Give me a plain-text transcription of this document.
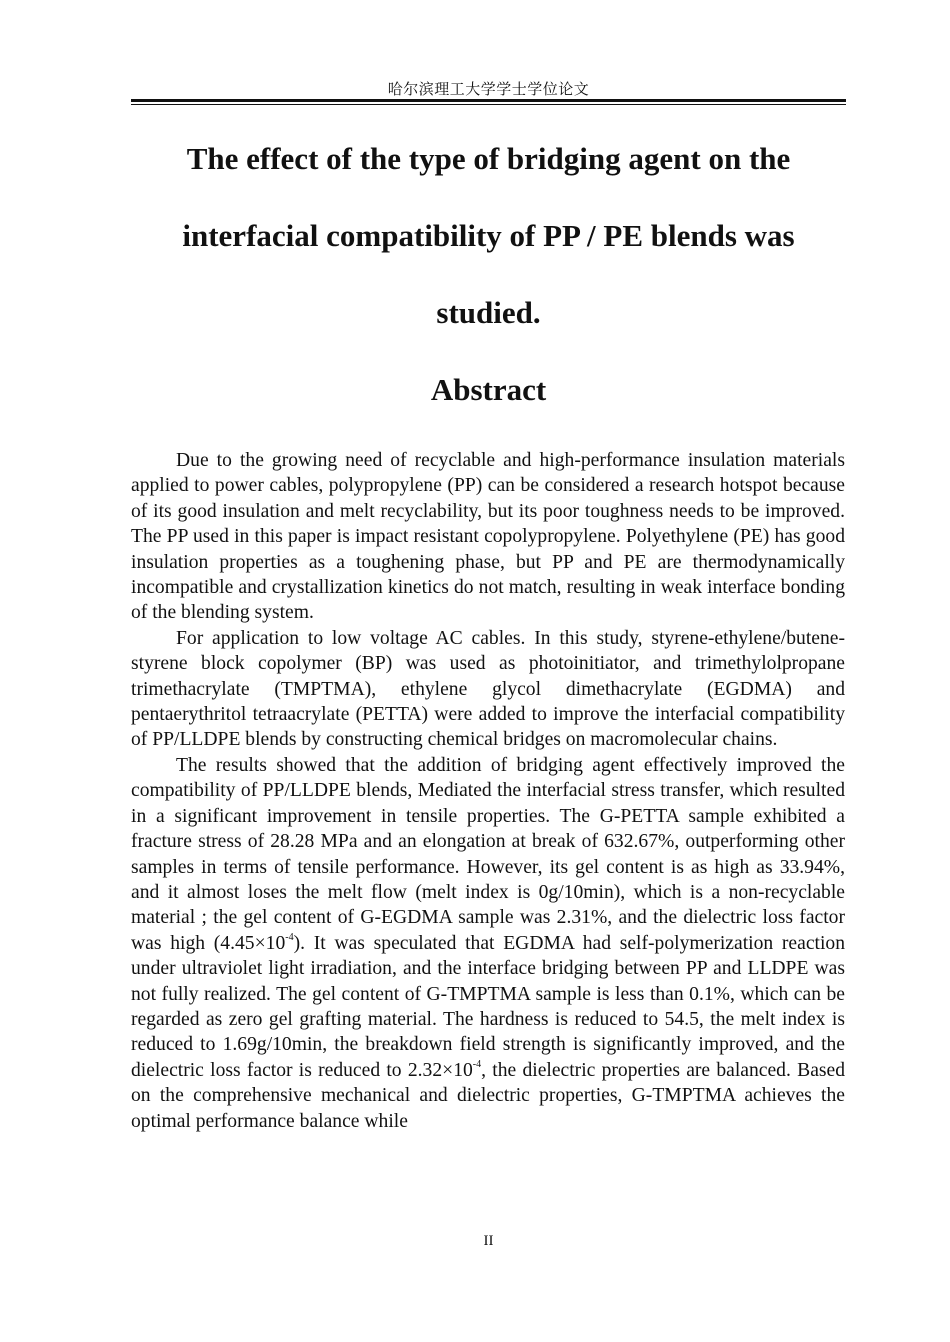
哈尔滨理工大学学士学位论文
The effect of the type of bridging agent on the
interfacial compatibility of PP / PE blends was
studied.
Abstract

Due to the growing need of recyclable and high-performance insulation materials applied to power cables, polypropylene (PP) can be considered a research hotspot because of its good insulation and melt recyclability, but its poor toughness needs to be improved. The PP used in this paper is impact resistant copolypropylene. Polyethylene (PE) has good insulation properties as a toughening phase, but PP and PE are thermodynamically incompatible and crystallization kinetics do not match, resulting in weak interface bonding of the blending system.

For application to low voltage AC cables. In this study, styrene-ethylene/butene-styrene block copolymer (BP) was used as photoinitiator, and trimethylolpropane trimethacrylate (TMPTMA), ethylene glycol dimethacrylate (EGDMA) and pentaerythritol tetraacrylate (PETTA) were added to improve the interfacial compatibility of PP/LLDPE blends by constructing chemical bridges on macromolecular chains.

The results showed that the addition of bridging agent effectively improved the compatibility of PP/LLDPE blends, Mediated the interfacial stress transfer, which resulted in a significant improvement in tensile properties. The G-PETTA sample exhibited a fracture stress of 28.28 MPa and an elongation at break of 632.67%, outperforming other samples in terms of tensile performance. However, its gel content is as high as 33.94%, and it almost loses the melt flow (melt index is 0g/10min), which is a non-recyclable material ; the gel content of G-EGDMA sample was 2.31%, and the dielectric loss factor was high $(4.45\times 10^{-4})$. It was speculated that EGDMA had self-polymerization reaction under ultraviolet light irradiation, and the interface bridging between PP and LLDPE was not fully realized. The gel content of G-TMPTMA sample is less than 0.1%, which can be regarded as zero gel grafting material. The hardness is reduced to 54.5, the melt index is reduced to 1.69g/10min, the breakdown field strength is significantly improved, and the dielectric loss factor is reduced to $2.32\times 10^{-4}$, the dielectric properties are balanced. Based on the comprehensive mechanical and dielectric properties, G-TMPTMA achieves the optimal performance balance while

II
